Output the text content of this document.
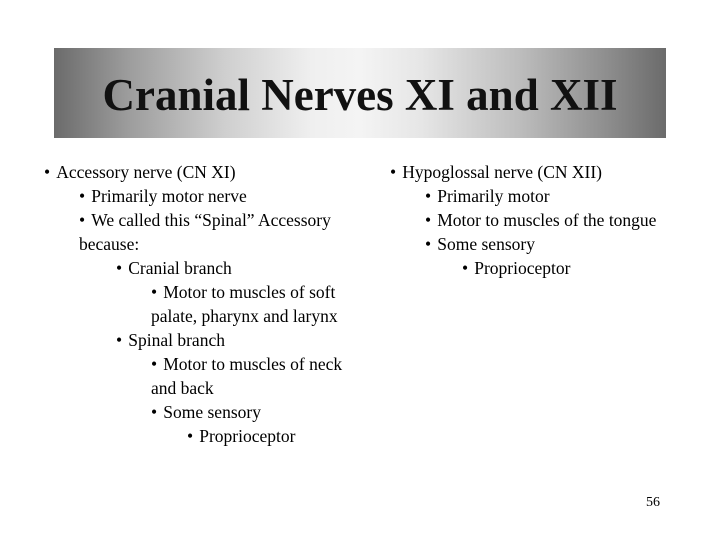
Cranial Nerves XI and XII
• Accessory nerve (CN XI)
• Primarily motor nerve
• We called this “Spinal” Accessory
because:
• Cranial branch
• Motor to muscles of soft
palate, pharynx and larynx
• Spinal branch
• Motor to muscles of neck
and back
• Some sensory
• Proprioceptor
• Hypoglossal nerve (CN XII)
• Primarily motor
• Motor to muscles of the tongue
• Some sensory
• Proprioceptor
56
